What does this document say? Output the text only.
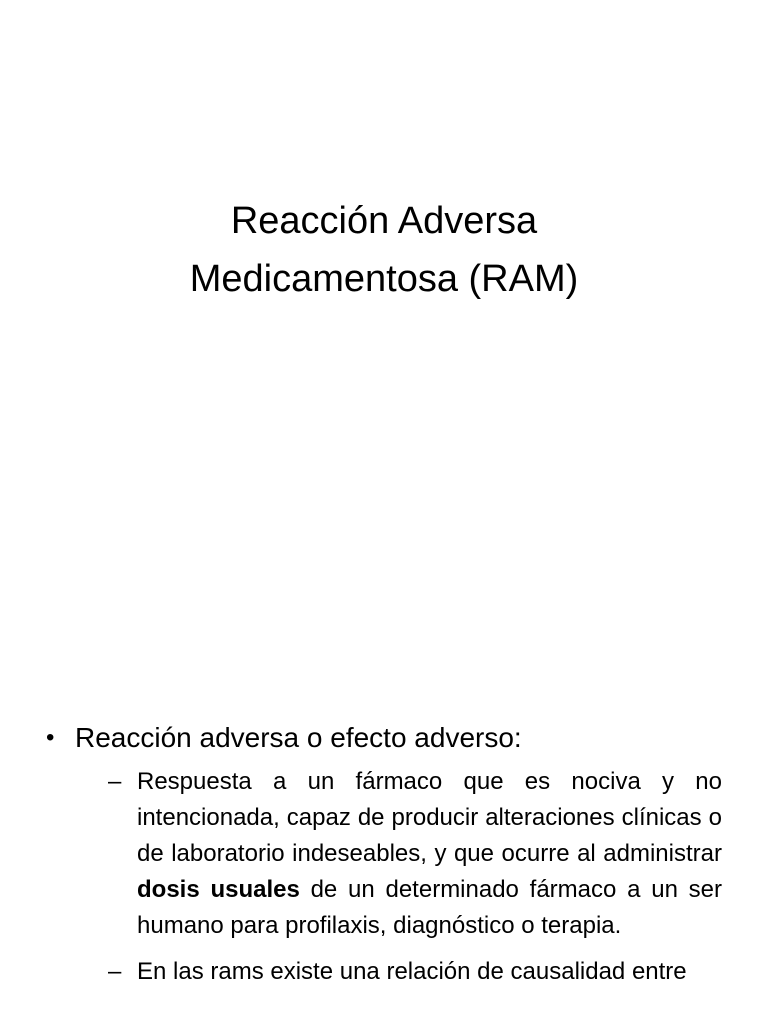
Reacción Adversa
Medicamentosa (RAM)
• Reacción adversa o efecto adverso:
– Respuesta a un fármaco que es nociva y no intencionada, capaz de producir alteraciones clínicas o de laboratorio indeseables, y que ocurre al administrar dosis usuales de un determinado fármaco a un ser humano para profilaxis, diagnóstico o terapia.
– En las rams existe una relación de causalidad entre
